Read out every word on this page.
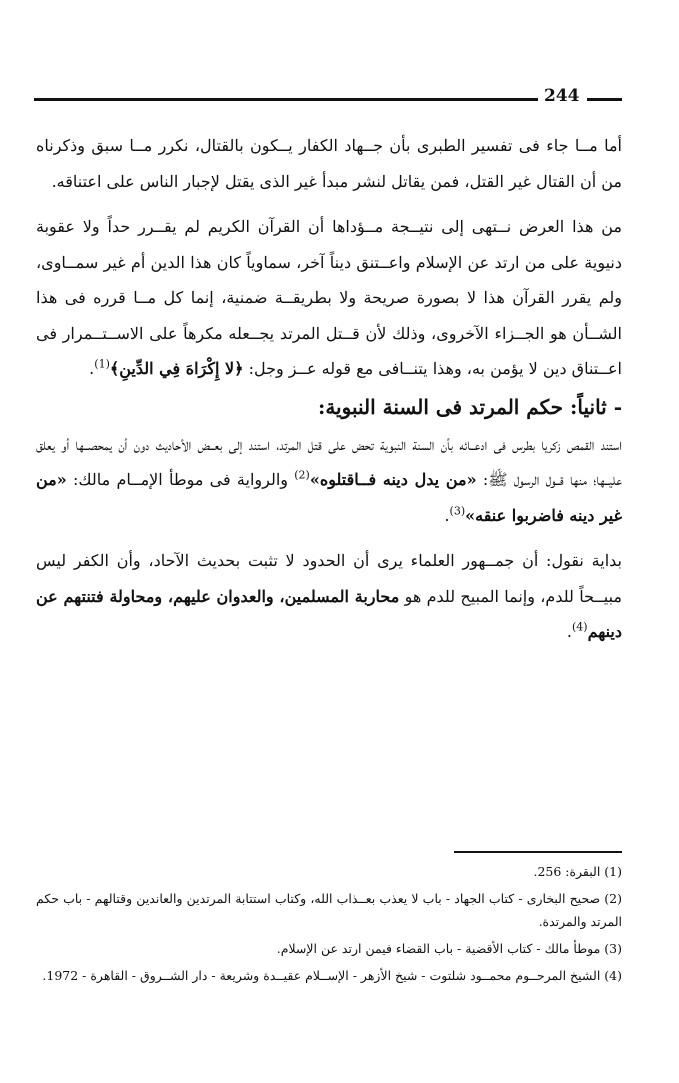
244

أما مــا جاء فى تفسير الطبرى بأن جــهاد الكفار يــكون بالقتال، نكرر مــا سبق وذكرناه من أن القتال غير القتل، فمن يقاتل لنشر مبدأ غير الذى يقتل لإجبار الناس على اعتناقه.

من هذا العرض نــتهى إلى نتيــجة مــؤداها أن القرآن الكريم لم يقــرر حداً ولا عقوبة دنيوية على من ارتد عن الإسلام واعــتنق ديناً آخر، سماوياً كان هذا الدين أم غير سمــاوى، ولم يقرر القرآن هذا لا بصورة صريحة ولا بطريقــة ضمنية، إنما كل مــا قرره فى هذا الشــأن هو الجــزاء الآخروى، وذلك لأن قــتل المرتد يجــعله مكرهاً على الاســتــمرار فى اعــتناق دين لا يؤمن به، وهذا يتنــافى مع قوله عــز وجل: ﴿لا إِكْرَاهَ فِي الدِّينِ﴾$^{(1)}$.

- ثانياً: حكم المرتد فى السنة النبوية:

استند القمص زكريا بطرس فى ادعــائه بأن السنة النبوية تحض على قتل المرتد، استند إلى بعــض الأحاديث دون أن يمحصــها أو يعلق عليــها؛ منها قــول الرسول ﷺ: «من يدل دينه فــاقتلوه»$^{(2)}$ والرواية فى موطأ الإمــام مالك: «من غير دينه فاضربوا عنقه»$^{(3)}$.

بداية نقول: أن جمــهور العلماء يرى أن الحدود لا تثبت بحديث الآحاد، وأن الكفر ليس مبيــحاً للدم، وإنما المبيح للدم هو محاربة المسلمين، والعدوان عليهم، ومحاولة فتنتهم عن دينهم$^{(4)}$.

(1) البقرة: 256.

(2) صحيح البخارى - كتاب الجهاد - باب لا يعذب بعــذاب الله، وكتاب استتابة المرتدين والعاندين وقتالهم - باب حكم المرتد والمرتدة.

(3) موطأ مالك - كتاب الأقضية - باب القضاء فيمن ارتد عن الإسلام.

(4) الشيخ المرحــوم محمــود شلتوت - شيخ الأزهر - الإســلام عقيــدة وشريعة - دار الشــروق - القاهرة - 1972.
